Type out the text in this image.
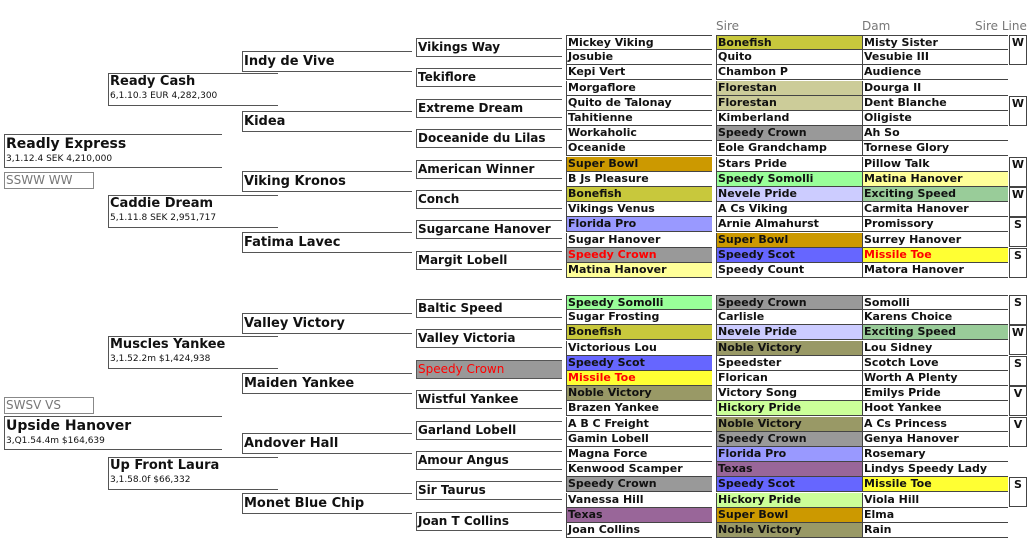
Sire	Dam	Sire Line
Readly Express
3,1.12.4 SEK 4,210,000
SSWW WW
Ready Cash
6,1.10.3 EUR 4,282,300
Caddie Dream
5,1.11.8 SEK 2,951,717
Indy de Vive
Kidea
Viking Kronos
Fatima Lavec
Vikings Way
Tekiflore
Extreme Dream
Doceanide du Lilas
American Winner
Conch
Sugarcane Hanover
Margit Lobell
Mickey Viking
Josubie
Kepi Vert
Morgaflore
Quito de Talonay
Tahitienne
Workaholic
Oceanide
Super Bowl
B Js Pleasure
Bonefish
Vikings Venus
Florida Pro
Sugar Hanover
Speedy Crown
Matina Hanover
Bonefish
Quito
Chambon P
Florestan
Florestan
Kimberland
Speedy Crown
Eole Grandchamp
Stars Pride
Speedy Somolli
Nevele Pride
A Cs Viking
Arnie Almahurst
Super Bowl
Speedy Scot
Speedy Count
Misty Sister
Vesubie III
Audience
Dourga II
Dent Blanche
Oligiste
Ah So
Tornese Glory
Pillow Talk
Matina Hanover
Exciting Speed
Carmita Hanover
Promissory
Surrey Hanover
Missile Toe
Matora Hanover
W
W
W
W
S
S
Upside Hanover
3,Q1.54.4m $164,639
SWSV VS
Muscles Yankee
3,1.52.2m $1,424,938
Up Front Laura
3,1.58.0f $66,332
Valley Victory
Maiden Yankee
Andover Hall
Monet Blue Chip
Baltic Speed
Valley Victoria
Speedy Crown
Wistful Yankee
Garland Lobell
Amour Angus
Sir Taurus
Joan T Collins
Speedy Somolli
Sugar Frosting
Bonefish
Victorious Lou
Speedy Scot
Missile Toe
Noble Victory
Brazen Yankee
A B C Freight
Gamin Lobell
Magna Force
Kenwood Scamper
Speedy Crown
Vanessa Hill
Texas
Joan Collins
Speedy Crown
Carlisle
Nevele Pride
Noble Victory
Speedster
Florican
Victory Song
Hickory Pride
Noble Victory
Speedy Crown
Florida Pro
Texas
Speedy Scot
Hickory Pride
Super Bowl
Noble Victory
Somolli
Karens Choice
Exciting Speed
Lou Sidney
Scotch Love
Worth A Plenty
Emilys Pride
Hoot Yankee
A Cs Princess
Genya Hanover
Rosemary
Lindys Speedy Lady
Missile Toe
Viola Hill
Elma
Rain
S
W
S
V
V
S
